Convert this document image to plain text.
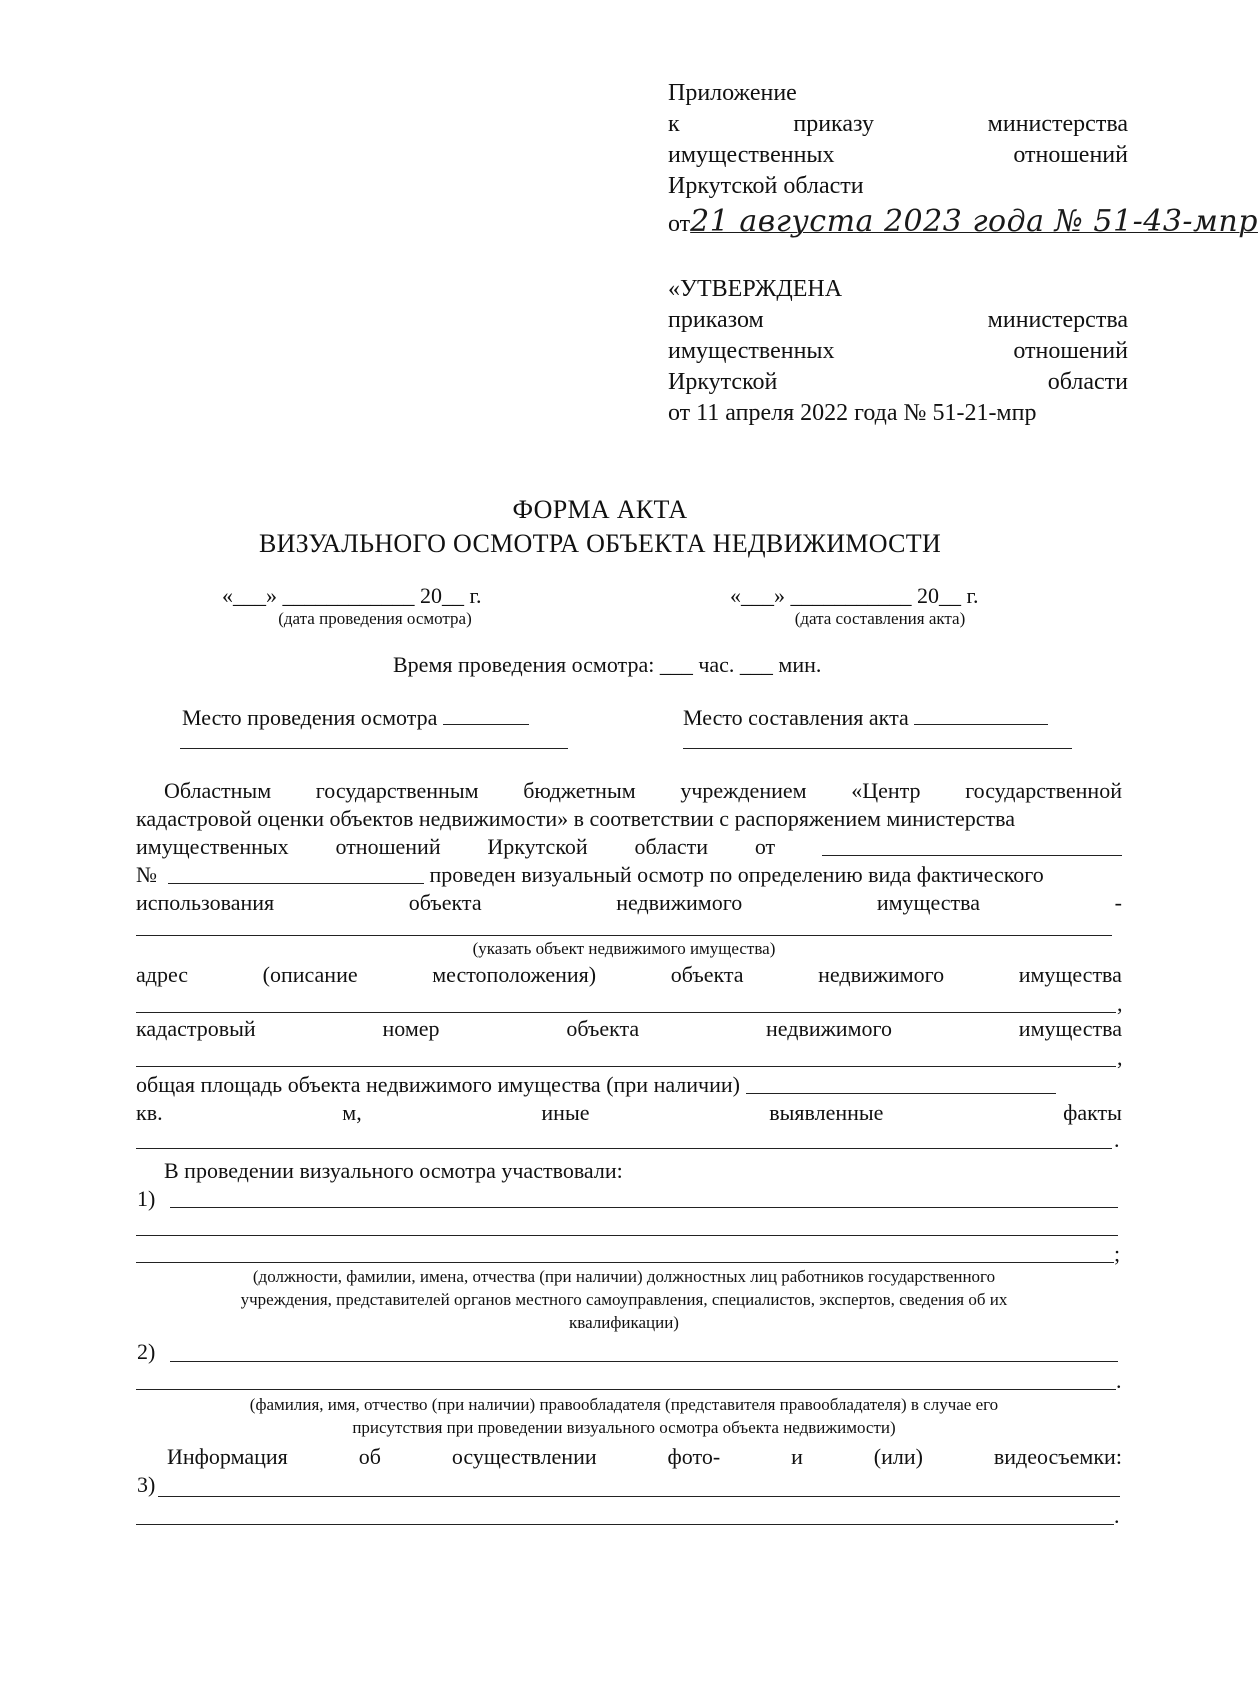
Приложение
к	приказу	министерства
имущественных	отношений
Иркутской области
от21 августа 2023 года № 51-43-мпр
«УТВЕРЖДЕНА
приказом	министерства
имущественных	отношений
Иркутской	области
от 11 апреля 2022 года № 51-21-мпр
ФОРМА АКТА
ВИЗУАЛЬНОГО ОСМОТРА ОБЪЕКТА НЕДВИЖИМОСТИ
«___» ____________ 20__ г.
(дата проведения осмотра)
«___» ___________ 20__ г.
(дата составления акта)
Время проведения осмотра: ___ час. ___ мин.
Место проведения осмотра	Место составления акта
Областным государственным бюджетным учреждением «Центр государственной
кадастровой оценки объектов недвижимости» в соответствии с распоряжением министерства
имущественных отношений Иркутской области от
№

	проведен визуальный осмотр по определению вида фактического
использования	объекта	недвижимого	имущества	-
(указать объект недвижимого имущества)
адрес	(описание	местоположения)	объекта	недвижимого	имущества
,
кадастровый	номер	объекта	недвижимого	имущества
,
общая площадь объекта недвижимого имущества (при наличии)

кв.	м,	иные	выявленные	факты
.
В проведении визуального осмотра участвовали:
1)
;
(должности, фамилии, имена, отчества (при наличии) должностных лиц работников государственного
учреждения, представителей органов местного самоуправления, специалистов, экспертов, сведения об их
квалификации)
2)
.
(фамилия, имя, отчество (при наличии) правообладателя (представителя правообладателя) в случае его
присутствия при проведении визуального осмотра объекта недвижимости)
Информация	об	осуществлении	фото-	и	(или)	видеосъемки:
3)
.
